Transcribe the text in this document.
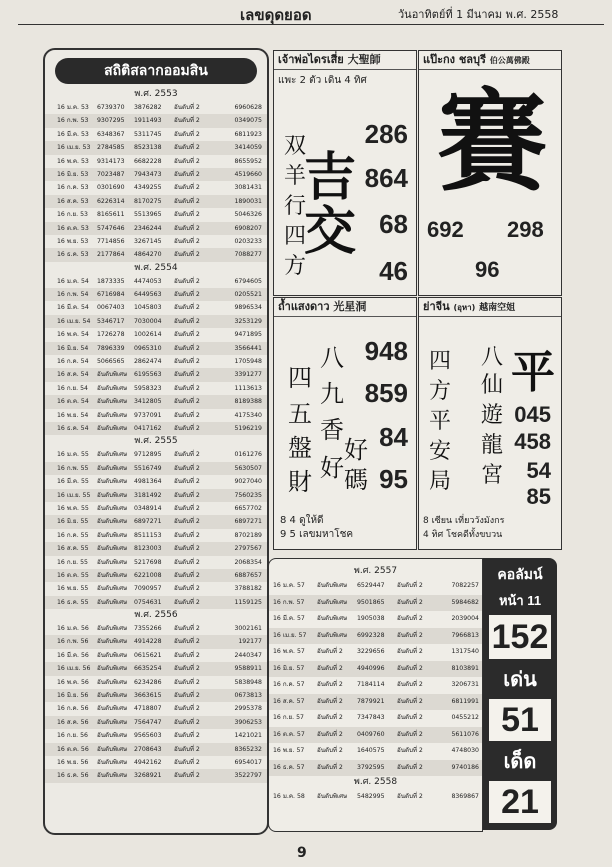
เลขดุดยอด	วันอาทิตย์ที่ 1 มีนาคม พ.ศ. 2558
สถิติสลากออมสิน
พ.ศ. 2553
16 ม.ค. 53	6739370	3876282	อันดับที่ 2	6960628
16 ก.พ. 53	9307295	1911493	อันดับที่ 2	0349075
16 มี.ค. 53	6348367	5311745	อันดับที่ 2	6811923
16 เม.ย. 53	2784585	8523138	อันดับที่ 2	3414059
16 พ.ค. 53	9314173	6682228	อันดับที่ 2	8655952
16 มิ.ย. 53	7023487	7943473	อันดับที่ 2	4519660
16 ก.ค. 53	0301690	4349255	อันดับที่ 2	3081431
16 ส.ค. 53	6226314	8170275	อันดับที่ 2	1890031
16 ก.ย. 53	8165611	5513965	อันดับที่ 2	5046326
16 ต.ค. 53	5747646	2346244	อันดับที่ 2	6908207
16 พ.ย. 53	7714856	3267145	อันดับที่ 2	0203233
16 ธ.ค. 53	2177864	4864270	อันดับที่ 2	7088277
พ.ศ. 2554
16 ม.ค. 54	1873335	4474053	อันดับที่ 2	6794605
16 ก.พ. 54	6716984	6449563	อันดับที่ 2	0205521
16 มี.ค. 54	0067403	1045803	อันดับที่ 2	9896534
16 เม.ย. 54	5346717	7030004	อันดับที่ 2	3253129
16 พ.ค. 54	1726278	1002614	อันดับที่ 2	9471895
16 มิ.ย. 54	7896339	0965310	อันดับที่ 2	3566441
16 ก.ค. 54	5066565	2862474	อันดับที่ 2	1705948
16 ส.ค. 54	อันดับพิเศษ	6195563	อันดับที่ 2	3391277
16 ก.ย. 54	อันดับพิเศษ	5958323	อันดับที่ 2	1113613
16 ต.ค. 54	อันดับพิเศษ	3412805	อันดับที่ 2	8189388
16 พ.ย. 54	อันดับพิเศษ	9737091	อันดับที่ 2	4175340
16 ธ.ค. 54	อันดับพิเศษ	0417162	อันดับที่ 2	5196219
พ.ศ. 2555
16 ม.ค. 55	อันดับพิเศษ	9712895	อันดับที่ 2	0161276
16 ก.พ. 55	อันดับพิเศษ	5516749	อันดับที่ 2	5630507
16 มี.ค. 55	อันดับพิเศษ	4981364	อันดับที่ 2	9027040
16 เม.ย. 55	อันดับพิเศษ	3181492	อันดับที่ 2	7560235
16 พ.ค. 55	อันดับพิเศษ	0348914	อันดับที่ 2	6657702
16 มิ.ย. 55	อันดับพิเศษ	6897271	อันดับที่ 2	6897271
16 ก.ค. 55	อันดับพิเศษ	8511153	อันดับที่ 2	8702189
16 ส.ค. 55	อันดับพิเศษ	8123003	อันดับที่ 2	2797567
16 ก.ย. 55	อันดับพิเศษ	5217698	อันดับที่ 2	2068354
16 ต.ค. 55	อันดับพิเศษ	6221008	อันดับที่ 2	6887657
16 พ.ย. 55	อันดับพิเศษ	7090957	อันดับที่ 2	3788182
16 ธ.ค. 55	อันดับพิเศษ	0754631	อันดับที่ 2	1159125
พ.ศ. 2556
16 ม.ค. 56	อันดับพิเศษ	7355266	อันดับที่ 2	3002161
16 ก.พ. 56	อันดับพิเศษ	4914228	อันดับที่ 2	192177
16 มี.ค. 56	อันดับพิเศษ	0615621	อันดับที่ 2	2440347
16 เม.ย. 56	อันดับพิเศษ	6635254	อันดับที่ 2	9588911
16 พ.ค. 56	อันดับพิเศษ	6234286	อันดับที่ 2	5838948
16 มิ.ย. 56	อันดับพิเศษ	3663615	อันดับที่ 2	0673813
16 ก.ค. 56	อันดับพิเศษ	4718807	อันดับที่ 2	2995378
16 ส.ค. 56	อันดับพิเศษ	7564747	อันดับที่ 2	3906253
16 ก.ย. 56	อันดับพิเศษ	9565603	อันดับที่ 2	1421021
16 ต.ค. 56	อันดับพิเศษ	2708643	อันดับที่ 2	8365232
16 พ.ย. 56	อันดับพิเศษ	4942162	อันดับที่ 2	6954017
16 ธ.ค. 56	อันดับพิเศษ	3268921	อันดับที่ 2	3522797
เจ้าพ่อไดรเสี่ย 大聖師
แพะ 2 ตัว เดิน 4 ทิศ
双
羊
行
四
方
吉
交
286
864
68
46
แป๊ะกง ชลบุรี 伯公萬佛殿
賽
692 298
96
ถ้ำแสงดาว 光星洞
八
四
九
五
香
盤 好
財 好 碼
948
859
84
95
8 4 ดูให้ดี
9 5 เลขมหาโชค
ย่าจีน (อุหา) 越南空姐
八
仙
遊
龍
宮
四
方
平
安
局
平
045
458
54
85
8 เซียน เที่ยววังมังกร
4 ทิศ โชคดีทั้งขบวน
พ.ศ. 2557
16 ม.ค. 57	อันดับพิเศษ	6529447	อันดับที่ 2	7082257
16 ก.พ. 57	อันดับพิเศษ	9501865	อันดับที่ 2	5984682
16 มี.ค. 57	อันดับพิเศษ	1905038	อันดับที่ 2	2039004
16 เม.ย. 57	อันดับพิเศษ	6992328	อันดับที่ 2	7966813
16 พ.ค. 57	อันดับที่ 2	3229656	อันดับที่ 2	1317540
16 มิ.ย. 57	อันดับที่ 2	4940996	อันดับที่ 2	8103891
16 ก.ค. 57	อันดับที่ 2	7184114	อันดับที่ 2	3206731
16 ส.ค. 57	อันดับที่ 2	7879921	อันดับที่ 2	6811991
16 ก.ย. 57	อันดับที่ 2	7347843	อันดับที่ 2	0455212
16 ต.ค. 57	อันดับที่ 2	0409760	อันดับที่ 2	5611076
16 พ.ย. 57	อันดับที่ 2	1640575	อันดับที่ 2	4748030
16 ธ.ค. 57	อันดับที่ 2	3792595	อันดับที่ 2	9740186
พ.ศ. 2558
16 ม.ค. 58	อันดับพิเศษ	5482995	อันดับที่ 2	8369867
คอลัมน์
หน้า 11
152
เด่น
51
เด็ด
21
9
